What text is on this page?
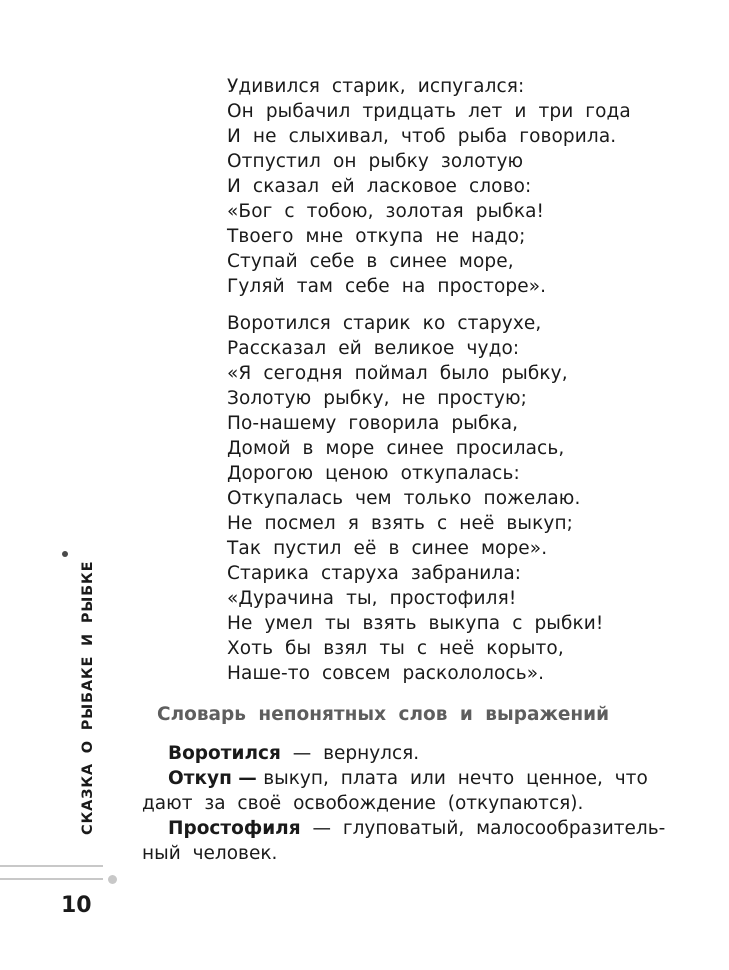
Удивился старик, испугался:
Он рыбачил тридцать лет и три года
И не слыхивал, чтоб рыба говорила.
Отпустил он рыбку золотую
И сказал ей ласковое слово:
«Бог с тобою, золотая рыбка!
Твоего мне откупа не надо;
Ступай себе в синее море,
Гуляй там себе на просторе».
Воротился старик ко старухе,
Рассказал ей великое чудо:
«Я сегодня поймал было рыбку,
Золотую рыбку, не простую;
По-нашему говорила рыбка,
Домой в море синее просилась,
Дорогою ценою откупалась:
Откупалась чем только пожелаю.
Не посмел я взять с неё выкуп;
Так пустил её в синее море».
Старика старуха забранила:
«Дурачина ты, простофиля!
Не умел ты взять выкупа с рыбки!
Хоть бы взял ты с неё корыто,
Наше-то совсем раскололось».
Словарь непонятных слов и выражений
Воротился — вернулся.
Откуп — выкуп, плата или нечто ценное, что
дают за своё освобождение (откупаются).
Простофиля — глуповатый, малосообразитель-
ный человек.
СКАЗКА О РЫБАКЕ И РЫБКЕ
10
